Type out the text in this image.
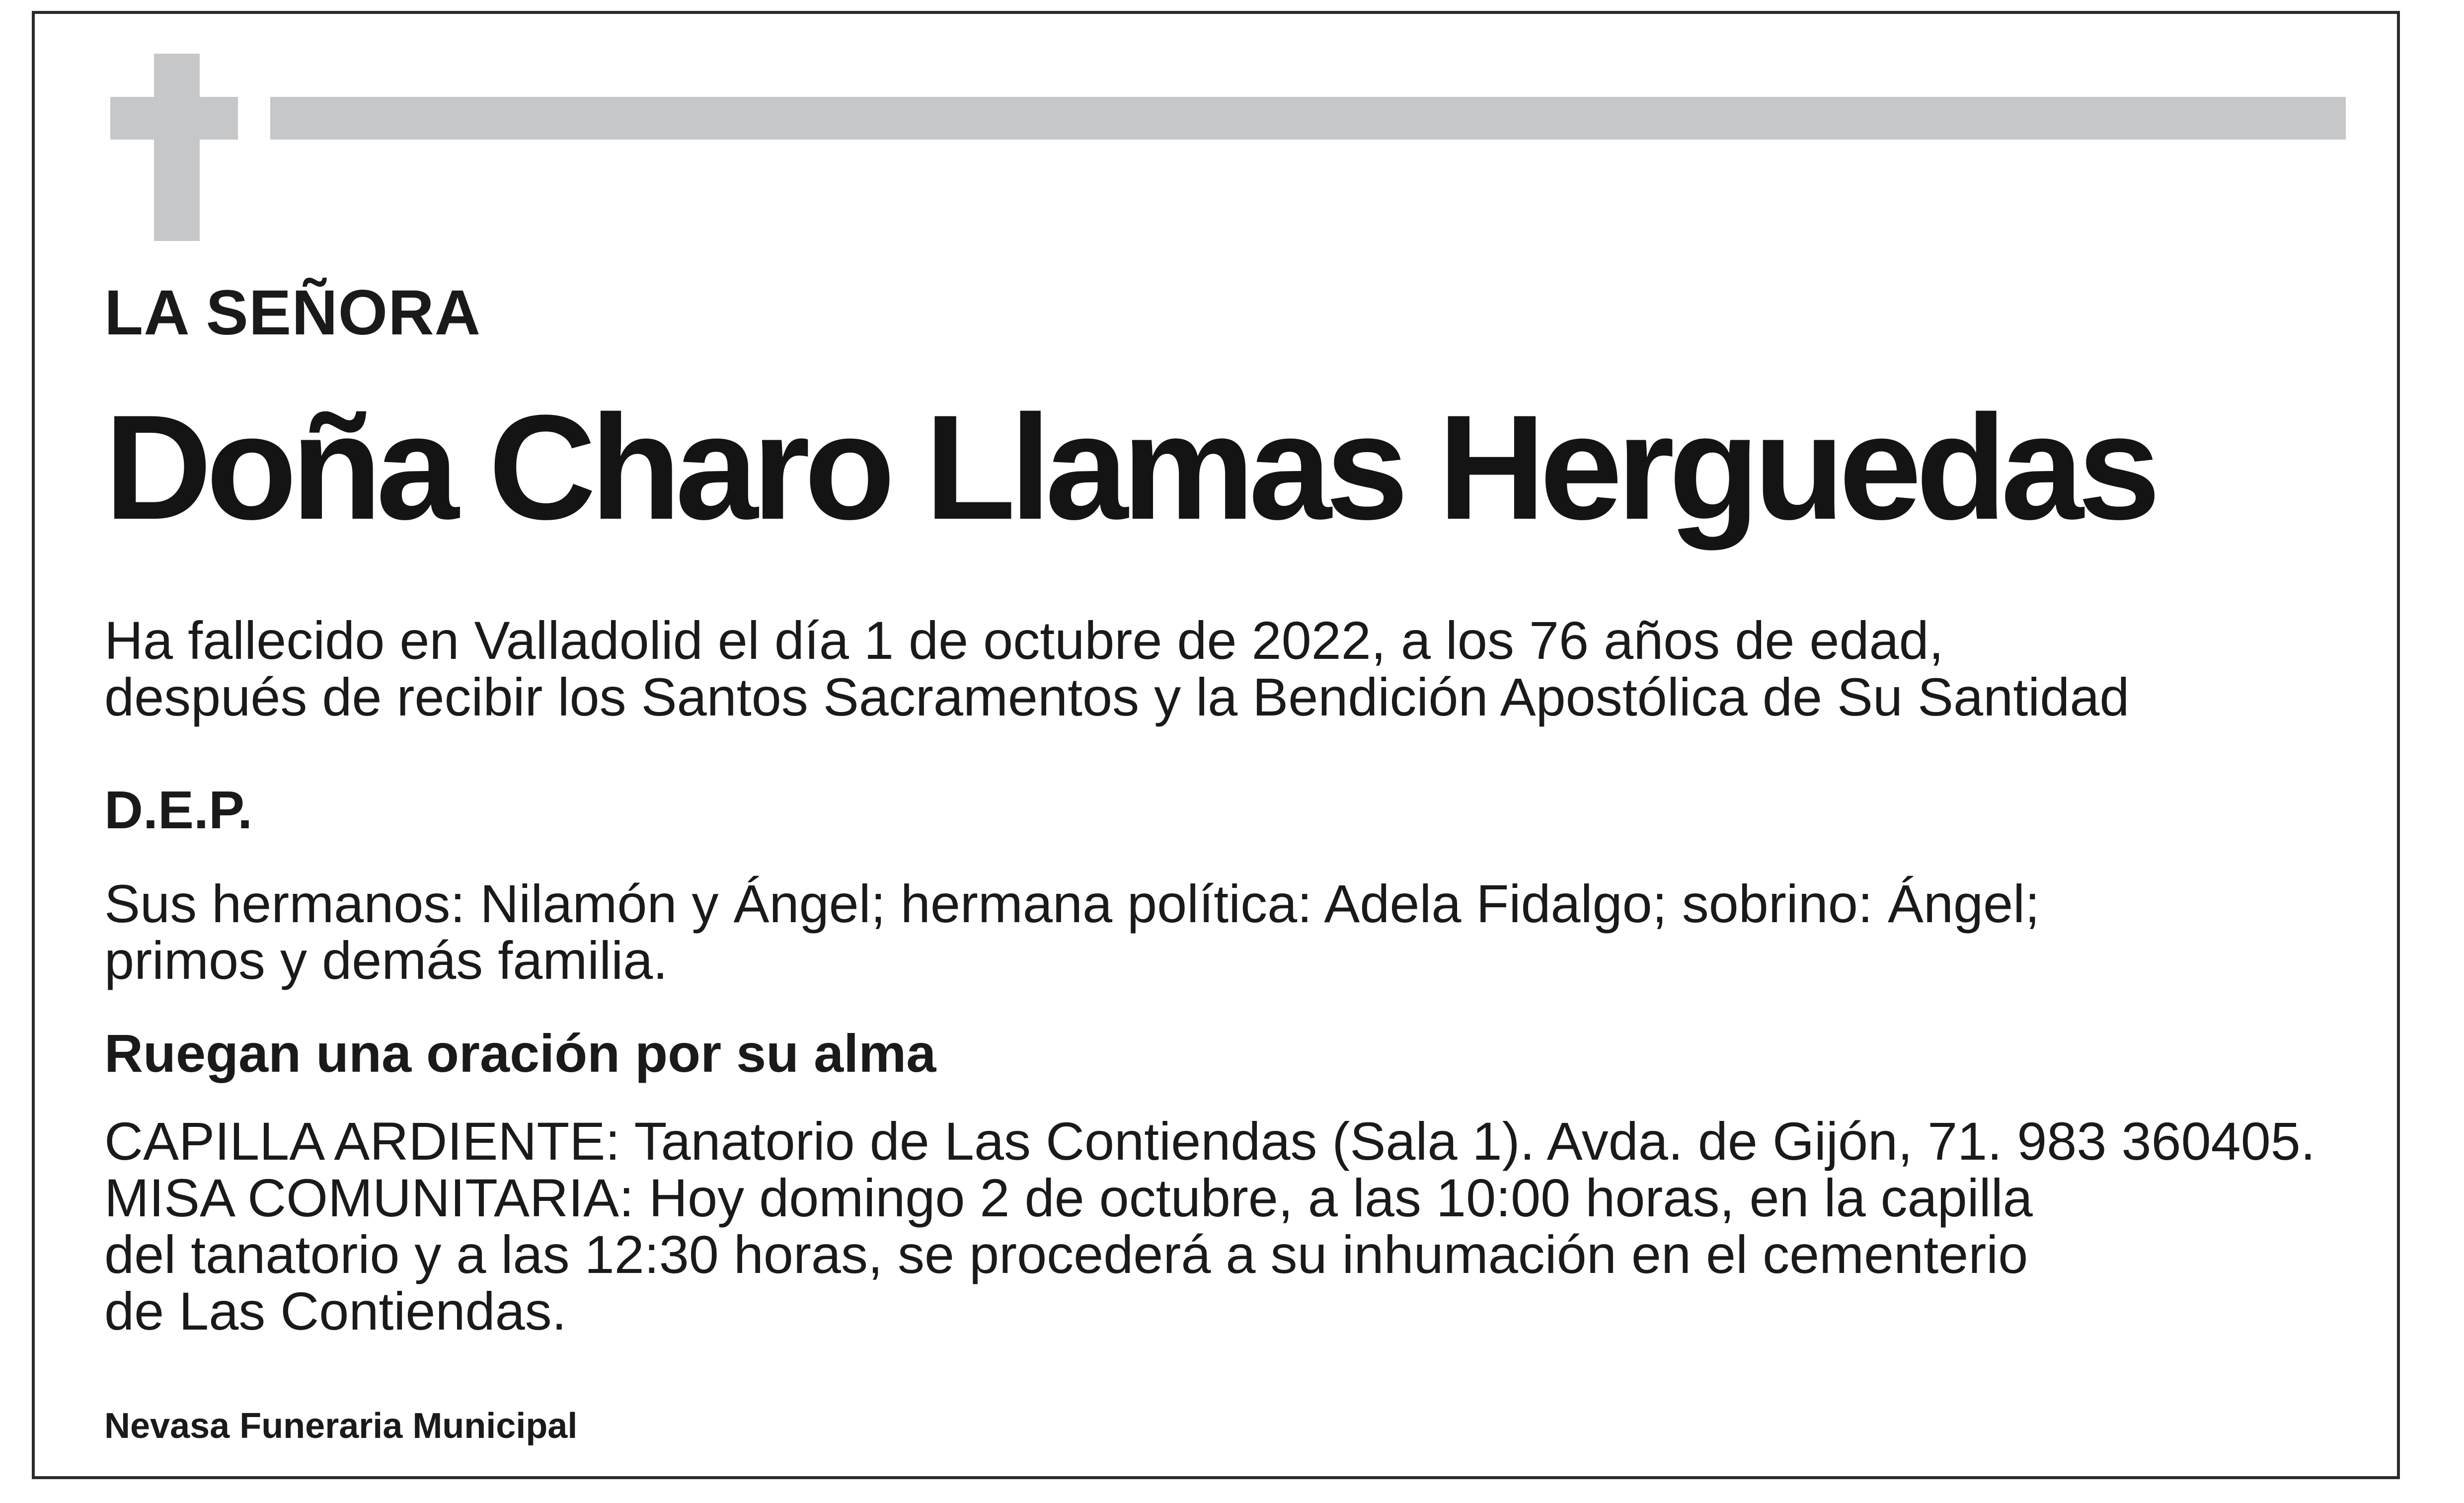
LA SEÑORA

Doña Charo Llamas Herguedas

Ha fallecido en Valladolid el día 1 de octubre de 2022, a los 76 años de edad,
después de recibir los Santos Sacramentos y la Bendición Apostólica de Su Santidad

D.E.P.

Sus hermanos: Nilamón y Ángel; hermana política: Adela Fidalgo; sobrino: Ángel;
primos y demás familia.

Ruegan una oración por su alma

CAPILLA ARDIENTE: Tanatorio de Las Contiendas (Sala 1). Avda. de Gijón, 71. 983 360405.
MISA COMUNITARIA: Hoy domingo 2 de octubre, a las 10:00 horas, en la capilla
del tanatorio y a las 12:30 horas, se procederá a su inhumación en el cementerio
de Las Contiendas.

Nevasa Funeraria Municipal
